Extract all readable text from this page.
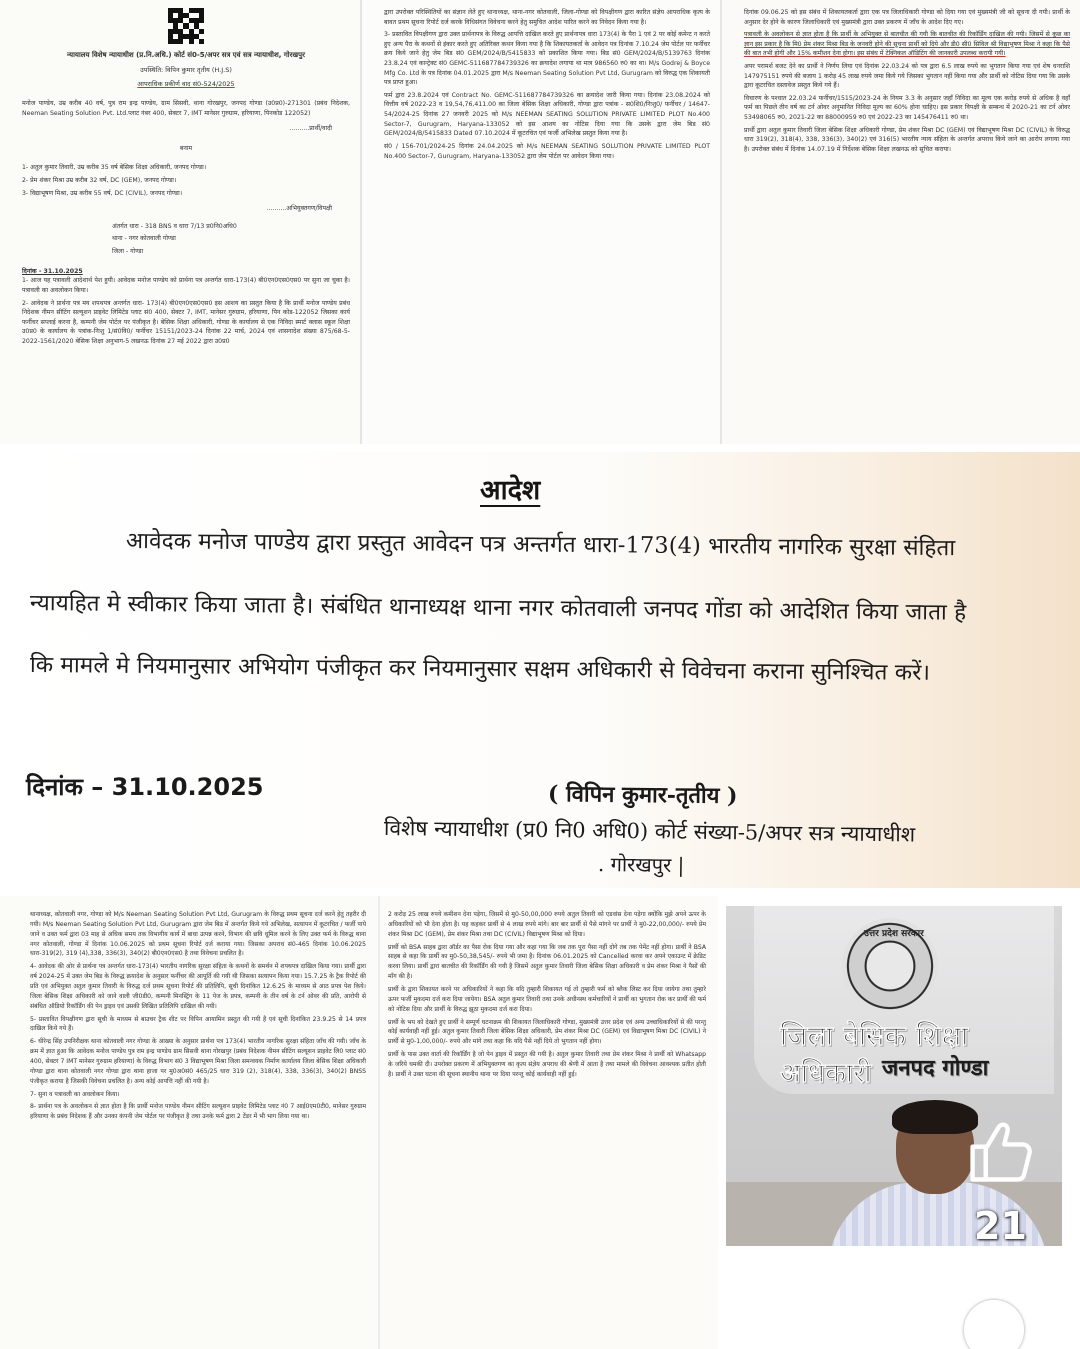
न्यायालय विशेष न्यायाधीश (प्र.नि.अधि.) कोर्ट सं0-5/अपर सत्र एवं सत्र न्यायाधीश, गोरखपुर

उपस्थिति: विपिन कुमार तृतीय (H.J.S)

आपराधिक प्रकीर्ण वाद सं0-524/2025

मनोज पाण्डेय, उम्र करीब 40 वर्ष, पुत्र राम इन्द्र पाण्डेय, ग्राम सिसवी, थाना गोरखपुर, जनपद गोण्डा (उ0प्र0)-271301 (प्रबंध निदेशक, Neeman Seating Solution Pvt. Ltd.प्लाट नंबर 400, सेक्टर 7, IMT मानेसर गुरुग्राम, हरियाणा, पिनकोड 122052)

..........प्रार्थी/वादी

बनाम

1- अतुल कुमार तिवारी, उम्र करीब 35 वर्ष बेसिक शिक्षा अधिकारी, जनपद गोण्डा।

2- प्रेम शंकर मिश्रा उम्र करीब 32 वर्ष, DC (GEM), जनपद गोण्डा।

3- विद्याभूषण मिश्रा, उम्र करीब 55 वर्ष, DC (CIVIL), जनपद गोण्डा।

..........अभियुक्तगण/विपक्षी

अंतर्गत धारा - 318 BNS व धारा 7/13 प्र0नि0अधि0

थाना - नगर कोतवाली गोण्डा

जिला - गोण्डा

दिनांक - 31.10.2025

1- आज यह पत्रावली आदेशार्थ पेश हुयी। आवेदक मनोज पाण्डेय को प्रार्थना पत्र अन्तर्गत धारा-173(4) बी0एन0एस0एस0 पर सुना जा चुका है। पत्रावली का अवलोकन किया।

2- आवेदक ने प्रार्थना पत्र मय शपथपत्र अन्तर्गत धारा- 173(4) बी0एन0एस0एस0 इस आशय का प्रस्तुत किया है कि प्रार्थी मनोज पाण्डेय प्रबंध निदेशक नीमन सीटिंग सल्यूशन प्राइवेट लिमिटेड प्लाट सं0 400, सेक्टर 7, IMT, मानेसर गुरुग्राम, हरियाणा, पिन कोड-122052 जिसका कार्य फर्नीचर सप्लाई करना है, कम्पनी जेम पोर्टल पर पंजीकृत है। बेसिक शिक्षा अधिकारी, गोण्डा के कार्यालय से एक निविदा स्मार्ट क्लास स्कूल शिक्षा उ0प्र0 के कार्यालय के पत्रांक-निःशु 1/सं0वि0/ फर्नीचर 15151/2023-24 दिनांक 22 मार्च, 2024 एवं शासनादेश संख्या 875/68-5-2022-1561/2020 बेसिक शिक्षा अनुभाग-5 लखनऊ दिनांक 27 मई 2022 द्वारा उ0प्र0

द्वारा उपरोक्त परिस्थितियों का संज्ञान लेते हुए थानाध्यक्ष, थाना-नगर कोतवाली, जिला-गोण्डा को विपक्षीगण द्वारा कारित संज्ञेय आपराधिक कृत्य के बावत प्रथम सूचना रिपोर्ट दर्ज करके विधिसंगत विवेचना करने हेतु समुचित आदेश पारित करने का निवेदन किया गया है।

3- प्रस्तावित विपक्षीगण द्वारा उक्त प्रार्थनापत्र के विरुद्ध आपत्ति दाखिल करते हुए प्रार्थनापत्र धारा 173(4) के पैरा 1 एवं 2 पर कोई कमेन्ट न करते हुए अन्य पैरा के कथनों से इंकार करते हुए अतिरिक्त कथन किया गया है कि शिकायतकर्ता के आवेदन पत्र दिनांक 7.10.24 जेम पोर्टल पर फर्नीचर क्रय किये जाने हेतु जेम बिड सं0 GEM/2024/B/5415833 को प्रकाशित किया गया। बिड सं0 GEM/2024/B/5139763 दिनांक 23.8.24 एवं कान्ट्रेक्ट सं0 GEMC-511687784739326 का क्रयादेश लगाया था मात्र 986560 रु0 का था। M/s Godrej & Boyce Mfg Co. Ltd के पत्र दिनांक 04.01.2025 द्वारा M/s Neeman Seating Solution Pvt Ltd, Gurugram को विरुद्ध एक शिकायती पत्र प्राप्त हुआ।

फर्म द्वारा 23.8.2024 एवं Contract No. GEMC-511687784739326 का क्रयादेश जारी किया गया। दिनांक 23.08.2024 को वित्तीय वर्ष 2022-23 व 19,54,76,411.00 का जिला बेसिक शिक्षा अधिकारी, गोण्डा द्वारा पत्रांक - स0शि0/निःशु0/ फर्नीचर / 14647-54/2024-25 दिनांक 27 जनवरी 2025 को M/s NEEMAN SEATING SOLUTION PRIVATE LIMITED PLOT No.400 Sector-7, Gurugram, Haryana-133052 को इस आशय का नोटिस दिया गया कि उसके द्वारा जेम बिड सं0 GEM/2024/B/5415833 Dated 07.10.2024 में कूटरचित एवं फर्जी अभिलेख प्रस्तुत किया गया है।

सं0 / 156-701/2024-25 दिनांक 24.04.2025 को M/s NEEMAN SEATING SOLUTION PRIVATE LIMITED PLOT No.400 Sector-7, Gurugram, Haryana-133052 द्वारा जेम पोर्टल पर आवेदन किया गया।

दिनांक 09.06.25 को इस संबंध में शिकायतकर्ता द्वारा एक पत्र जिलाधिकारी गोण्डा को दिया गया एवं मुख्यमंत्री जी को सूचना दी गयी। प्रार्थी के अनुसार देर होने के कारण जिलाधिकारी एवं मुख्यमंत्री द्वारा उक्त प्रकरण में जाँच के आदेश दिए गए।

पत्रावली के अवलोकन से ज्ञात होता है कि प्रार्थी के अभियुक्त से बातचीत की गयी कि बातचीत की रिकॉर्डिंग दाखिल की गयी। जिसमें से कुछ का ज्ञान इस प्रकार है कि मि0 प्रेम शंकर मिश्रा बिड के जनवरी होने की सूचना प्रार्थी को दिये और डी0 सी0 सिविल श्री विद्याभूषण मिश्रा ने कहा कि पैसे की बात तभी होगी और 15% कमीशन देना होगा। इस संबंध में टेक्निकल ऑडिटिंग की जानकारी उपलब्ध करायी गयी।

अपर परामर्श बजट देने का प्रार्थी ने निर्णय लिया एवं दिनांक 22.03.24 को पत्र द्वारा 6.5 लाख रुपये का भुगतान किया गया एवं शेष धनराशि 147975151 रुपये की बजाय 1 करोड़ 45 लाख रुपये जमा किये गये जिसका भुगतान नहीं किया गया और प्रार्थी को नोटिस दिया गया कि उसके द्वारा कूटरचित दस्तावेज प्रस्तुत किये गये हैं।

विचारण के पश्चात 22.03.24 फर्नीचर/1515/2023-24 के नियम 3.3 के अनुसार जहाँ निविदा का मूल्य एक करोड़ रुपये से अधिक है वहाँ फर्म का पिछले तीन वर्ष का टर्न ओवर अनुमानित निविदा मूल्य का 60% होना चाहिए। इस प्रकार विपक्षी के सम्बन्ध में 2020-21 का टर्न ओवर 53498065 रु0, 2021-22 का 88000959 रु0 एवं 2022-23 का 145476411 रु0 था।

प्रार्थी द्वारा अतुल कुमार तिवारी जिला बेसिक शिक्षा अधिकारी गोण्डा, प्रेम शंकर मिश्रा DC (GEM) एवं विद्याभूषण मिश्रा DC (CIVIL) के विरुद्ध धारा 319(2), 318(4), 338, 336(3), 340(2) एवं 316(5) भारतीय न्याय संहिता के अन्तर्गत अपराध किये जाने का आरोप लगाया गया है। उपरोक्त संबंध में दिनांक 14.07.19 में निर्देशक बेसिक शिक्षा लखनऊ को सूचित कराया।

आदेश
आवेदक मनोज पाण्डेय द्वारा प्रस्तुत आवेदन पत्र अन्तर्गत धारा-173(4) भारतीय नागरिक सुरक्षा संहिता
न्यायहित मे स्वीकार किया जाता है। संबंधित थानाध्यक्ष थाना नगर कोतवाली जनपद गोंडा को आदेशित किया जाता है
कि मामले मे नियमानुसार अभियोग पंजीकृत कर नियमानुसार सक्षम अधिकारी से विवेचना कराना सुनिश्चित करें।
दिनांक – 31.10.2025	( विपिन कुमार-तृतीय )
विशेष न्यायाधीश (प्र0 नि0 अधि0) कोर्ट संख्या-5/अपर सत्र न्यायाधीश
. गोरखपुर |

थानाध्यक्ष, कोतवाली नगर, गोण्डा को M/s Neeman Seating Solution Pvt Ltd, Gurugram के विरुद्ध प्रथम सूचना दर्ज करने हेतु तहरीर दी गयी। M/s Neeman Seating Solution Pvt Ltd, Gurugram द्वारा जेम बिड में अन्तर्गत किये गये अभिलेख, सत्यापन में कूटरचित / फर्जी पाये जाने व उक्त फर्म द्वारा 03 माह से अधिक समय तक विभागीय कार्य में बाधा उत्पन्न करने, विभाग की छवि धूमिल करने के लिए उक्त फर्म के विरुद्ध थाना नगर कोतवाली, गोण्डा में दिनांक 10.06.2025 को प्रथम सूचना रिपोर्ट दर्ज कराया गया। जिसका अपराध सं0-465 दिनांक 10.06.2025 धारा-319(2), 319 (4),338, 336(3), 340(2) बी0एन0एस0 है तथा विवेचना प्रचलित है।

4- आवेदक की ओर से प्रार्थना पत्र अन्तर्गत धारा-173(4) भारतीय नागरिक सुरक्षा संहिता के कथनों के समर्थन में शपथपत्र दाखिल किया गया। प्रार्थी द्वारा वर्ष 2024-25 में उक्त जेम बिड के विरुद्ध क्रयादेश के अनुसार फर्नीचर की आपूर्ति की गयी थी जिसका सत्यापन किया गया। 15.7.25 के ट्रैक रिपोर्ट की प्रति एवं अभियुक्त अतुल कुमार तिवारी के विरुद्ध दर्ज प्रथम सूचना रिपोर्ट की प्रतिलिपि, सूची दिनांकित 12.6.25 के माध्यम से आठ प्रपत्र पेश किये। जिला बेसिक शिक्षा अधिकारी को जाने वाली जी0डी0, कम्पनी मिनस्ट्रिंग के 11 पेज के प्रपत्र, कम्पनी के तीन वर्ष के टर्न ओवर की प्रति, आरोपी से संबंधित ऑडियो रिकॉर्डिंग की पेन ड्राइव एवं उसकी लिखित प्रतिलिपि दाखिल की गयी।

5- प्रस्तावित विपक्षीगण द्वारा सूची के माध्यम से बाउचर ट्रैक शीट पर विपिन आयामिन प्रस्तुत की गयी है एवं सूची दिनांकित 23.9.25 से 14 प्रपत्र दाखिल किये गये हैं।

6- धीरेन्द्र सिंह उपनिरीक्षक थाना कोतवाली नगर गोण्डा के आख्या के अनुसार प्रार्थना पत्र 173(4) भारतीय नागरिक सुरक्षा संहिता जाँच की गयी। जाँच के क्रम में ज्ञात हुआ कि आवेदक मनोज पाण्डेय पुत्र राम इन्द्र पाण्डेय ग्राम सिसवी थाना गोरखपुर (प्रबंध निदेशक नीमन सीटिंग सल्यूशन प्राइवेट लि0 प्लाट सं0 400, सेक्टर 7 IMT मानेसर गुरुग्राम हरियाणा) के विरुद्ध विभाग सं0 3 विद्याभूषण मिश्रा जिला समन्वयक निर्माण कार्यालय जिला बेसिक शिक्षा अधिकारी गोण्डा द्वारा थाना कोतवाली नगर गोण्डा द्वारा थाना हाजा पर मु0अ0सं0 465/25 धारा 319 (2), 318(4), 338, 336(3), 340(2) BNSS पंजीकृत कराया है जिसकी विवेचना प्रचलित है। अन्य कोई आपत्ति नहीं की गयी है।

7- सुना व पत्रावली का अवलोकन किया।

8- प्रार्थना पत्र के अवलोकन से ज्ञात होता है कि प्रार्थी मनोज पाण्डेय नीमन सीटिंग सल्यूशन प्राइवेट लिमिटेड प्लाट नं0 7 आई0एम0टी0, मानेसर गुरुग्राम हरियाणा के प्रबंध निदेशक हैं और उनका कंपनी जेम पोर्टल पर पंजीकृत है तथा उनके फर्म द्वारा 2 टेंडर में भी भाग लिया गया था।

2 करोड़ 25 लाख रुपये कमीशन देना पड़ेगा, जिसमें से मु0-50,00,000 रुपये अतुल तिवारी को एडवांस देना पड़ेगा क्योंकि मुझे अपने ऊपर के अधिकारियों को भी देना होता है। यह कहकर प्रार्थी से 4 लाख रुपये मांगे। बार बार प्रार्थी से पैसे मांगने पर प्रार्थी ने मु0-22,00,000/- रुपये प्रेम शंकर मिश्रा DC (GEM), प्रेम शंकर मिश्रा तथा DC (CIVIL) विद्याभूषण मिश्रा को दिया।

प्रार्थी को BSA साहब द्वारा ऑर्डर का पैसा रोक दिया गया और कहा गया कि जब तक पूरा पैसा नहीं दोगे तब तक पेमेंट नहीं होगा। प्रार्थी ने BSA साहब से कहा कि प्रार्थी का मु0-50,38,545/- रुपये भी जमा है। दिनांक 06.01.2025 को Cancelled करवा कर अपने एकाउन्ट में क्रेडिट करवा लिया। प्रार्थी द्वारा बातचीत की रिकॉर्डिंग की गयी है जिसमें अतुल कुमार तिवारी जिला बेसिक शिक्षा अधिकारी व प्रेम शंकर मिश्रा ने पैसों की माँग की है।

प्रार्थी के द्वारा शिकायत करने पर अधिकारियों ने कहा कि यदि तुम्हारी शिकायत गई तो तुम्हारी फर्म को ब्लैक लिस्ट कर दिया जायेगा तथा तुम्हारे ऊपर फर्जी मुकदमा दर्ज करा दिया जायेगा। BSA अतुल कुमार तिवारी तथा उनके अधीनस्थ कर्मचारियों ने प्रार्थी का भुगतान रोक कर प्रार्थी की फर्म को नोटिस दिया और प्रार्थी के विरुद्ध झूठा मुकदमा दर्ज करा दिया।

प्रार्थी के भय को देखते हुए प्रार्थी ने सम्पूर्ण घटनाक्रम की शिकायत जिलाधिकारी गोण्डा, मुख्यमंत्री उत्तर प्रदेश एवं अन्य उच्चाधिकारियों से की परन्तु कोई कार्यवाही नहीं हुई। अतुल कुमार तिवारी जिला बेसिक शिक्षा अधिकारी, प्रेम शंकर मिश्रा DC (GEM) एवं विद्याभूषण मिश्रा DC (CIVIL) ने प्रार्थी से मु0-1,00,000/- रुपये और मांगे तथा कहा कि यदि पैसे नहीं दिये तो भुगतान नहीं होगा।

प्रार्थी के पास उक्त वार्ता की रिकॉर्डिंग है जो पेन ड्राइव में प्रस्तुत की गयी है। अतुल कुमार तिवारी तथा प्रेम शंकर मिश्रा ने प्रार्थी को Whatsapp के जरिये धमकी दी। उपरोक्त प्रकरण में अभियुक्तगण का कृत्य संज्ञेय अपराध की श्रेणी में आता है तथा मामले की विवेचना आवश्यक प्रतीत होती है। प्रार्थी ने उक्त घटना की सूचना स्थानीय थाना पर दिया परन्तु कोई कार्यवाही नहीं हुई।

उत्तर प्रदेश सरकार
जिला बेसिक शिक्षा अधिकारी जनपद गोण्डा
21
